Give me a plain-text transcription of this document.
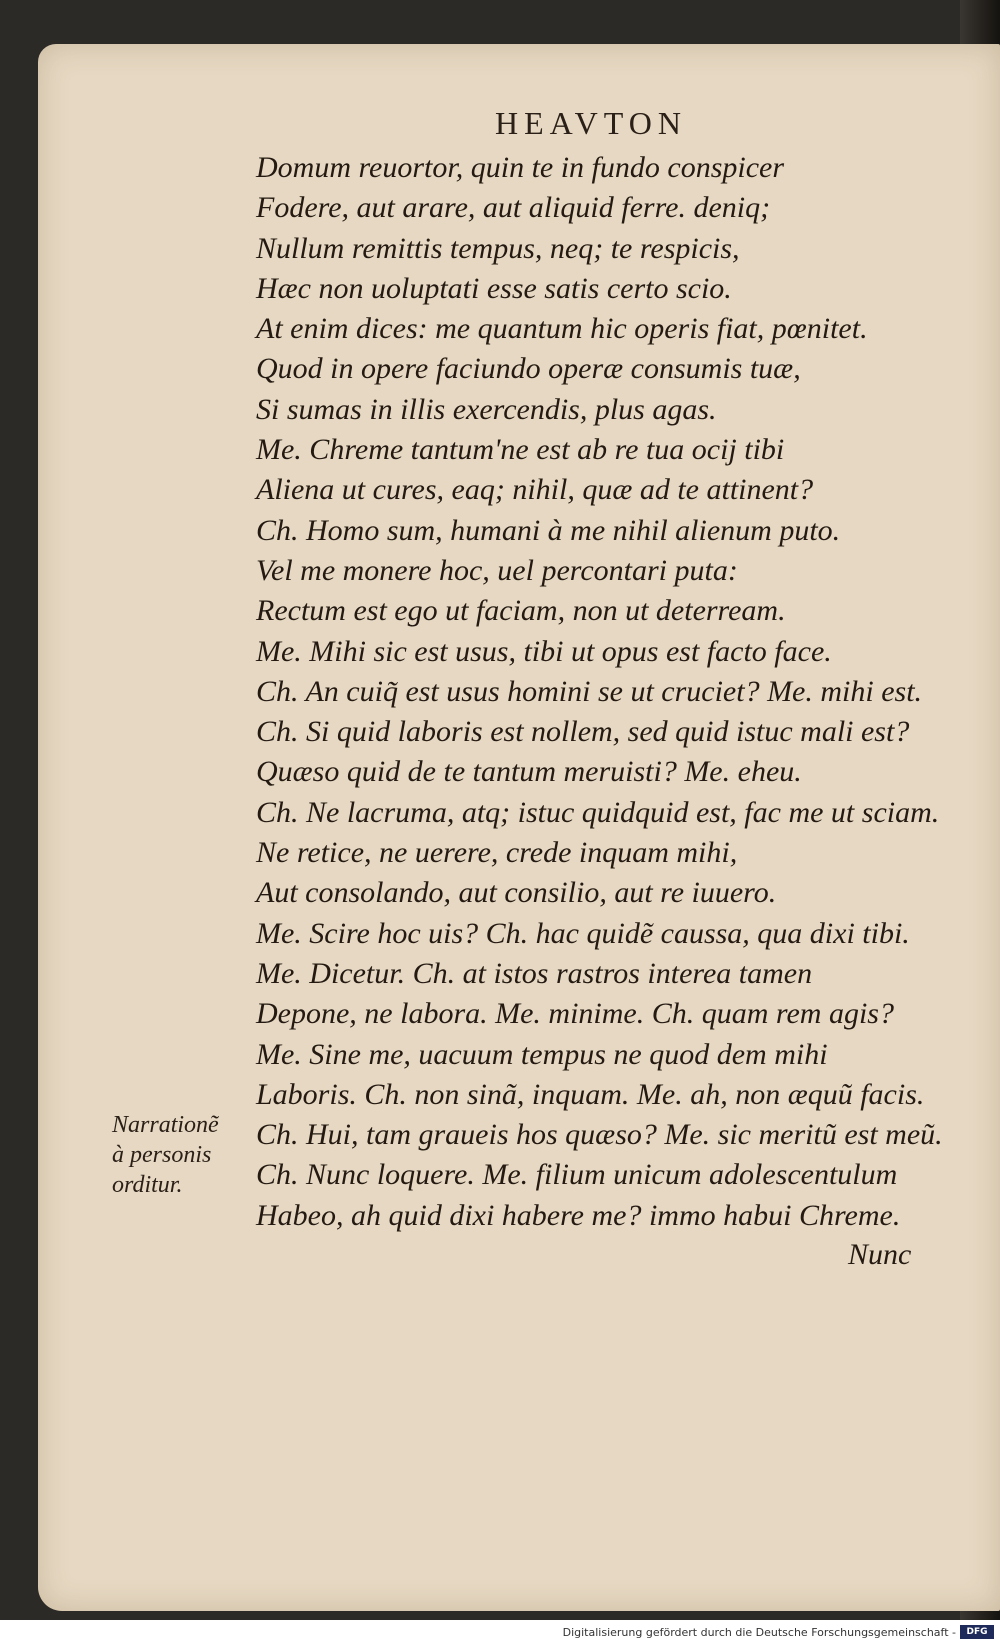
HEAVTON
Domum reuortor, quin te in fundo conspicer
Fodere, aut arare, aut aliquid ferre. deniq;
Nullum remittis tempus, neq; te respicis,
Hæc non uoluptati esse satis certo scio.
At enim dices: me quantum hic operis fiat, pœnitet.
Quod in opere faciundo operæ consumis tuæ,
Si sumas in illis exercendis, plus agas.
Me. Chreme tantum'ne est ab re tua ocij tibi
Aliena ut cures, eaq; nihil, quæ ad te attinent?
Ch. Homo sum, humani à me nihil alienum puto.
Vel me monere hoc, uel percontari puta:
Rectum est ego ut faciam, non ut deterream.
Me. Mihi sic est usus, tibi ut opus est facto face.
Ch. An cuiq̃ est usus homini se ut cruciet? Me. mihi est.
Ch. Si quid laboris est nollem, sed quid istuc mali est?
Quæso quid de te tantum meruisti? Me. eheu.
Ch. Ne lacruma, atq; istuc quidquid est, fac me ut sciam.
Ne retice, ne uerere, crede inquam mihi,
Aut consolando, aut consilio, aut re iuuero.
Me. Scire hoc uis? Ch. hac quidẽ caussa, qua dixi tibi.
Me. Dicetur. Ch. at istos rastros interea tamen
Depone, ne labora. Me. minime. Ch. quam rem agis?
Me. Sine me, uacuum tempus ne quod dem mihi
Laboris. Ch. non sinã, inquam. Me. ah, non æquũ facis.
Ch. Hui, tam graueis hos quæso? Me. sic meritũ est meũ.
Ch. Nunc loquere. Me. filium unicum adolescentulum
Habeo, ah quid dixi habere me? immo habui Chreme.
Nunc
Narrationẽ
à personis
orditur.
Digitalisierung gefördert durch die Deutsche Forschungsgemeinschaft -	DFG
